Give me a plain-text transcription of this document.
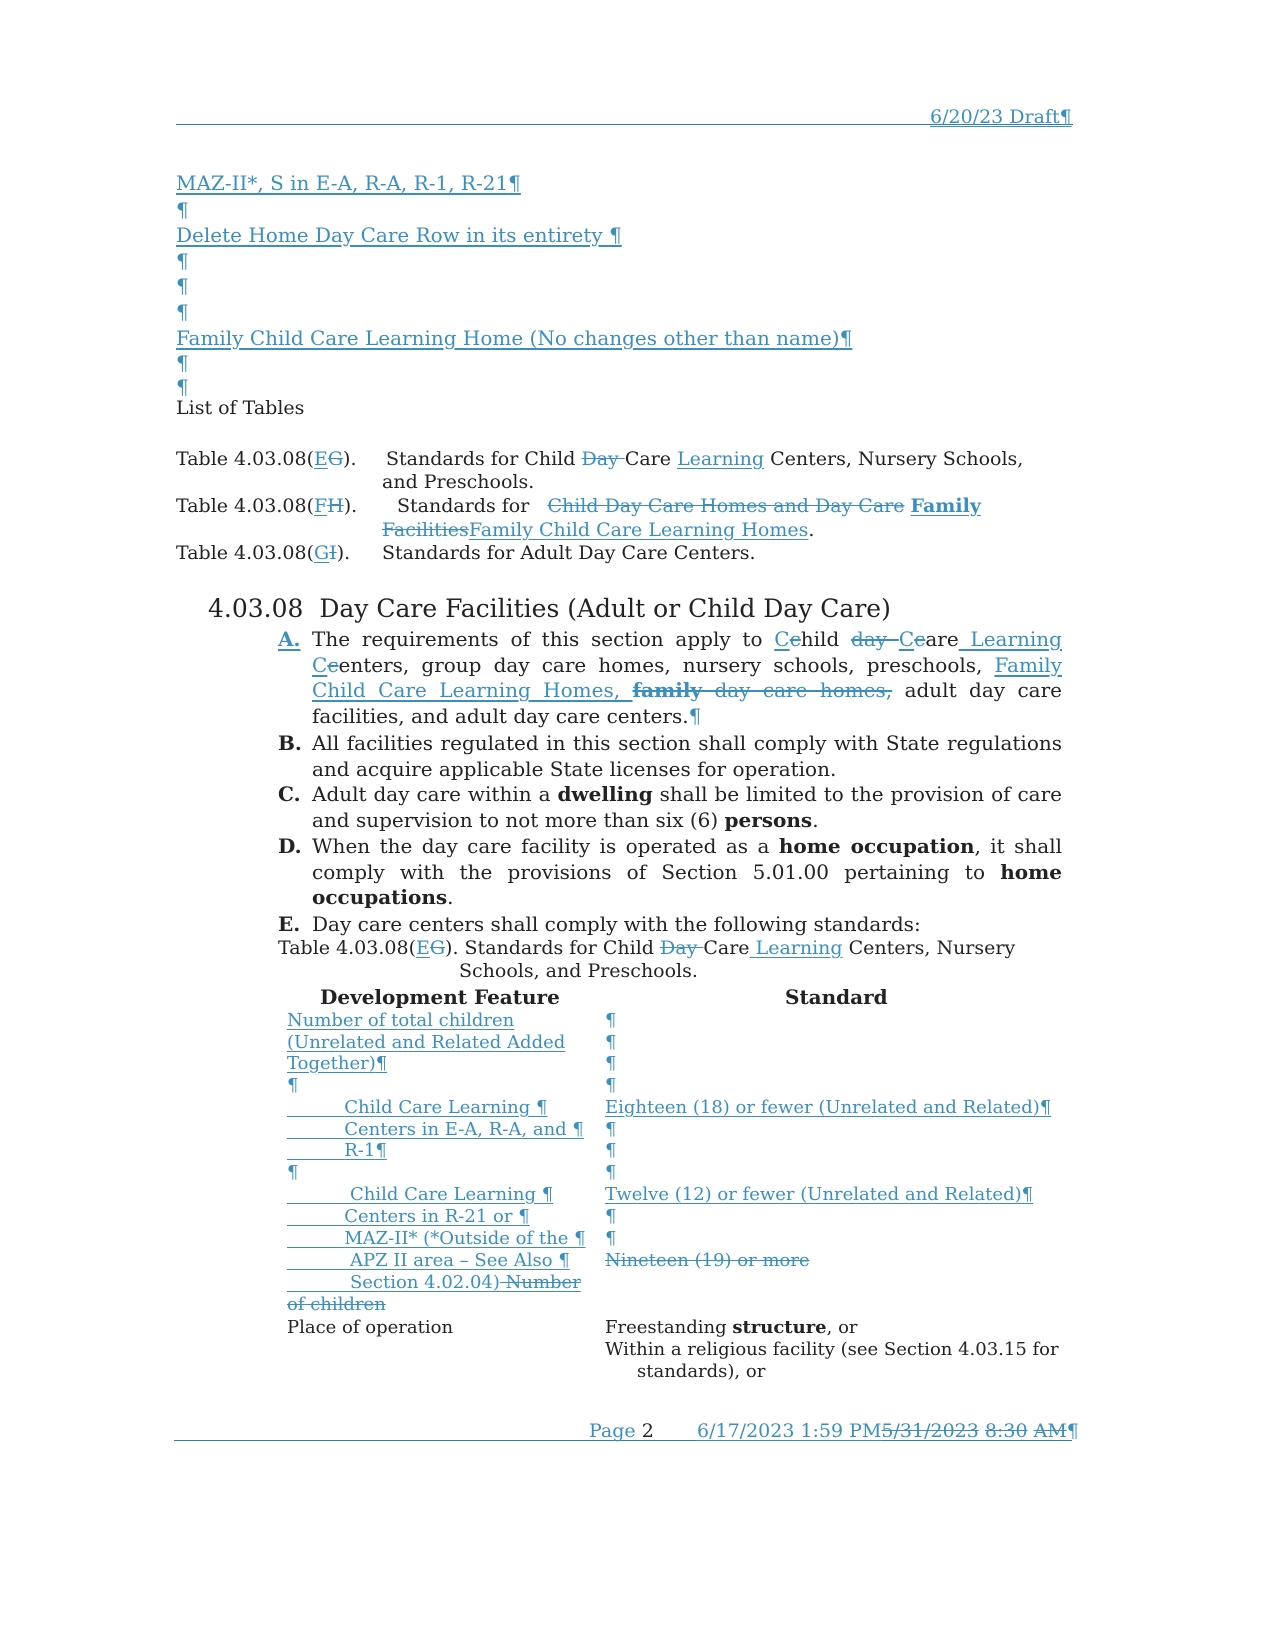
6/20/23 Draft¶
MAZ-II*, S in E-A, R-A, R-1, R-21¶
¶
Delete Home Day Care Row in its entirety ¶
¶
¶
¶
Family Child Care Learning Home (No changes other than name)¶
¶
¶
List of Tables
Table 4.03.08(EG). Standards for Child Day Care Learning Centers, Nursery Schools,
and Preschools.
Table 4.03.08(FH). Standards for   Child Day Care Homes and Day Care Family
FacilitiesFamily Child Care Learning Homes.
Table 4.03.08(GI). Standards for Adult Day Care Centers.
4.03.08 Day Care Facilities (Adult or Child Day Care)
A. The requirements of this section apply to Cchild day Ccare Learning Ccenters, group day care homes, nursery schools, preschools, Family Child Care Learning Homes, family day care homes, adult day care facilities, and adult day care centers.¶
B. All facilities regulated in this section shall comply with State regulations and acquire applicable State licenses for operation.
C. Adult day care within a dwelling shall be limited to the provision of care and supervision to not more than six (6) persons.
D. When the day care facility is operated as a home occupation, it shall comply with the provisions of Section 5.01.00 pertaining to home occupations.
E. Day care centers shall comply with the following standards:
Table 4.03.08(EG). Standards for Child Day Care Learning Centers, Nursery
Schools, and Preschools.
Development Feature	Standard
Number of total children
(Unrelated and Related Added
Together)¶
¶
Child Care Learning ¶
Centers in E-A, R-A, and ¶
R-1¶
¶
Child Care Learning ¶
Centers in R-21 or ¶
MAZ-II* (*Outside of the ¶
APZ II area – See Also ¶
Section 4.02.04) Number
of children
Place of operation
¶
¶
¶
¶
Eighteen (18) or fewer (Unrelated and Related)¶
¶
¶
¶
Twelve (12) or fewer (Unrelated and Related)¶
¶
¶
Nineteen (19) or more
Freestanding structure, or
Within a religious facility (see Section 4.03.15 for
standards), or
Page 2 6/17/2023 1:59 PM5/31/2023 8:30 AM¶
